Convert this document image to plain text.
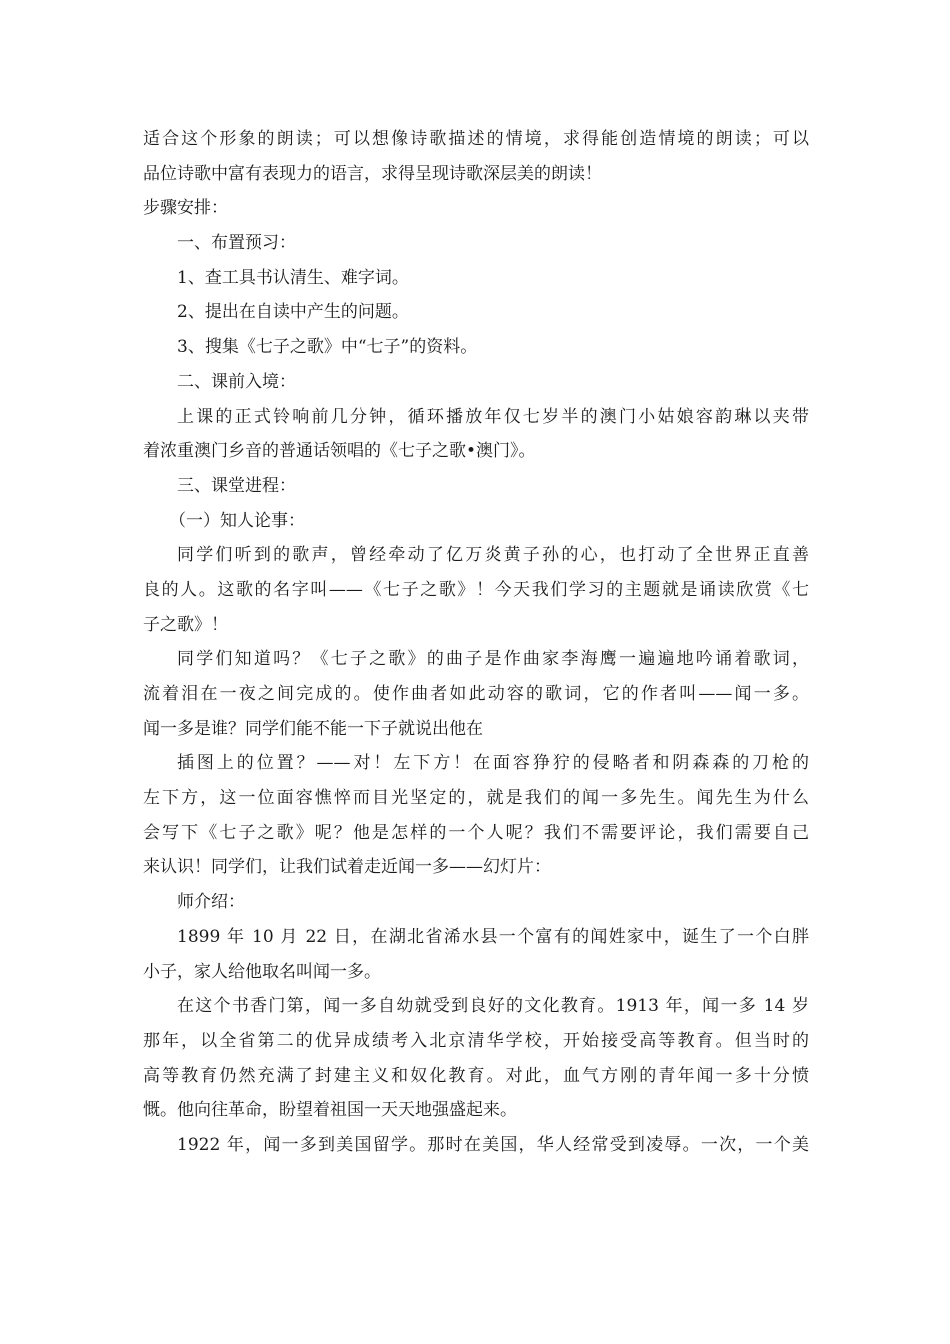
适合这个形象的朗读；可以想像诗歌描述的情境，求得能创造情境的朗读；可以
品位诗歌中富有表现力的语言，求得呈现诗歌深层美的朗读！
步骤安排：
一、布置预习：
1、查工具书认清生、难字词。
2、提出在自读中产生的问题。
3、搜集《七子之歌》中“七子”的资料。
二、课前入境：
上课的正式铃响前几分钟，循环播放年仅七岁半的澳门小姑娘容韵琳以夹带
着浓重澳门乡音的普通话领唱的《七子之歌•澳门》。
三、课堂进程：
（一）知人论事：
同学们听到的歌声，曾经牵动了亿万炎黄子孙的心，也打动了全世界正直善
良的人。这歌的名字叫——《七子之歌》！今天我们学习的主题就是诵读欣赏《七
子之歌》！
同学们知道吗？《七子之歌》的曲子是作曲家李海鹰一遍遍地吟诵着歌词，
流着泪在一夜之间完成的。使作曲者如此动容的歌词，它的作者叫——闻一多。
闻一多是谁？同学们能不能一下子就说出他在
插图上的位置？——对！左下方！在面容狰狞的侵略者和阴森森的刀枪的
左下方，这一位面容憔悴而目光坚定的，就是我们的闻一多先生。闻先生为什么
会写下《七子之歌》呢？他是怎样的一个人呢？我们不需要评论，我们需要自己
来认识！同学们，让我们试着走近闻一多——幻灯片：
师介绍：
1899 年 10 月 22 日，在湖北省浠水县一个富有的闻姓家中，诞生了一个白胖
小子，家人给他取名叫闻一多。
在这个书香门第，闻一多自幼就受到良好的文化教育。1913 年，闻一多 14 岁
那年，以全省第二的优异成绩考入北京清华学校，开始接受高等教育。但当时的
高等教育仍然充满了封建主义和奴化教育。对此，血气方刚的青年闻一多十分愤
慨。他向往革命，盼望着祖国一天天地强盛起来。
1922 年，闻一多到美国留学。那时在美国，华人经常受到凌辱。一次，一个美
